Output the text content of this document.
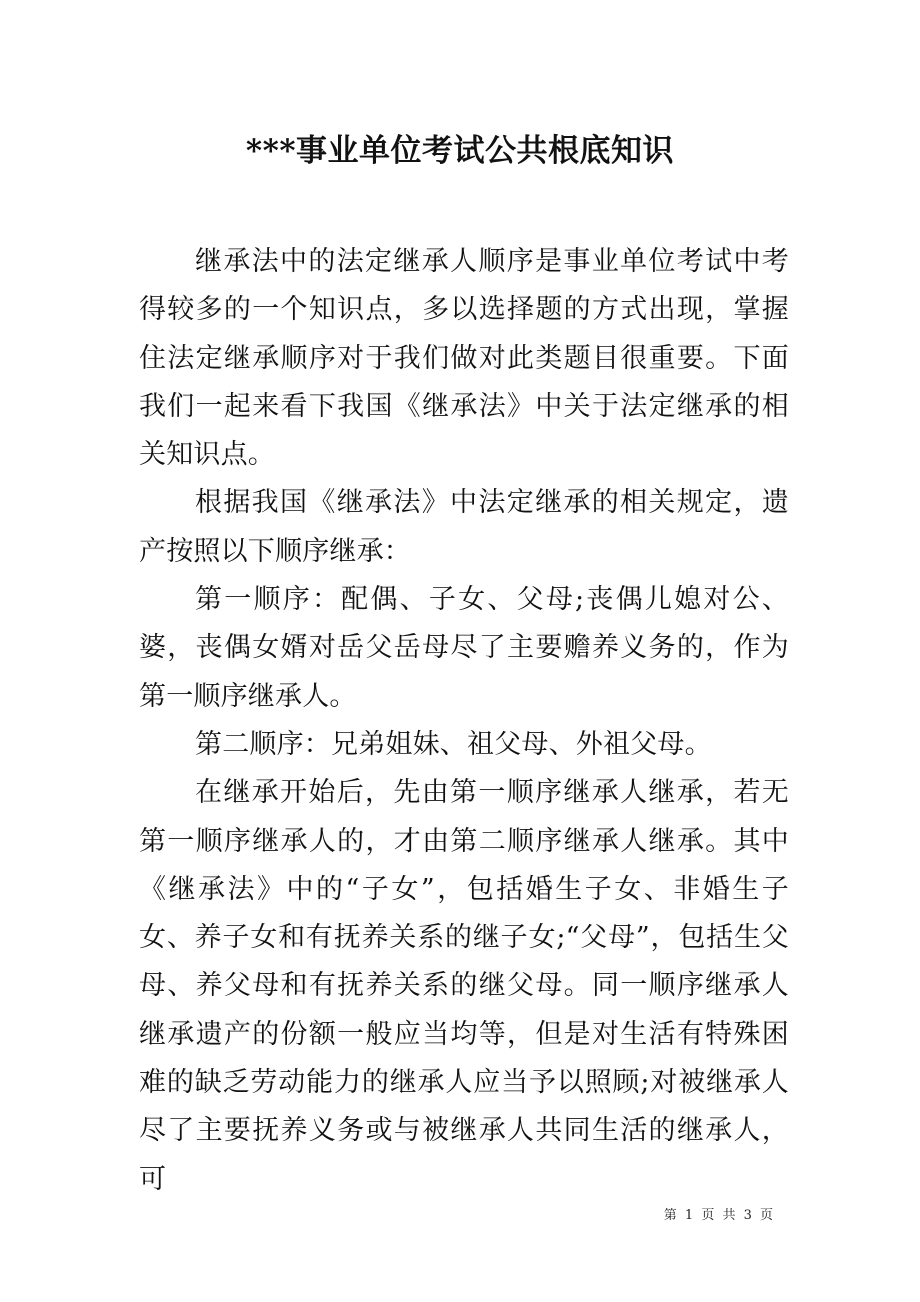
***事业单位考试公共根底知识

继承法中的法定继承人顺序是事业单位考试中考得较多的一个知识点，多以选择题的方式出现，掌握住法定继承顺序对于我们做对此类题目很重要。下面我们一起来看下我国《继承法》中关于法定继承的相关知识点。

根据我国《继承法》中法定继承的相关规定，遗产按照以下顺序继承：

第一顺序：配偶、子女、父母;丧偶儿媳对公、婆，丧偶女婿对岳父岳母尽了主要赡养义务的，作为第一顺序继承人。

第二顺序：兄弟姐妹、祖父母、外祖父母。

在继承开始后，先由第一顺序继承人继承，若无第一顺序继承人的，才由第二顺序继承人继承。其中《继承法》中的“子女”，包括婚生子女、非婚生子女、养子女和有抚养关系的继子女;“父母”，包括生父母、养父母和有抚养关系的继父母。同一顺序继承人继承遗产的份额一般应当均等，但是对生活有特殊困难的缺乏劳动能力的继承人应当予以照顾;对被继承人尽了主要抚养义务或与被继承人共同生活的继承人，可

第 1 页 共 3 页
